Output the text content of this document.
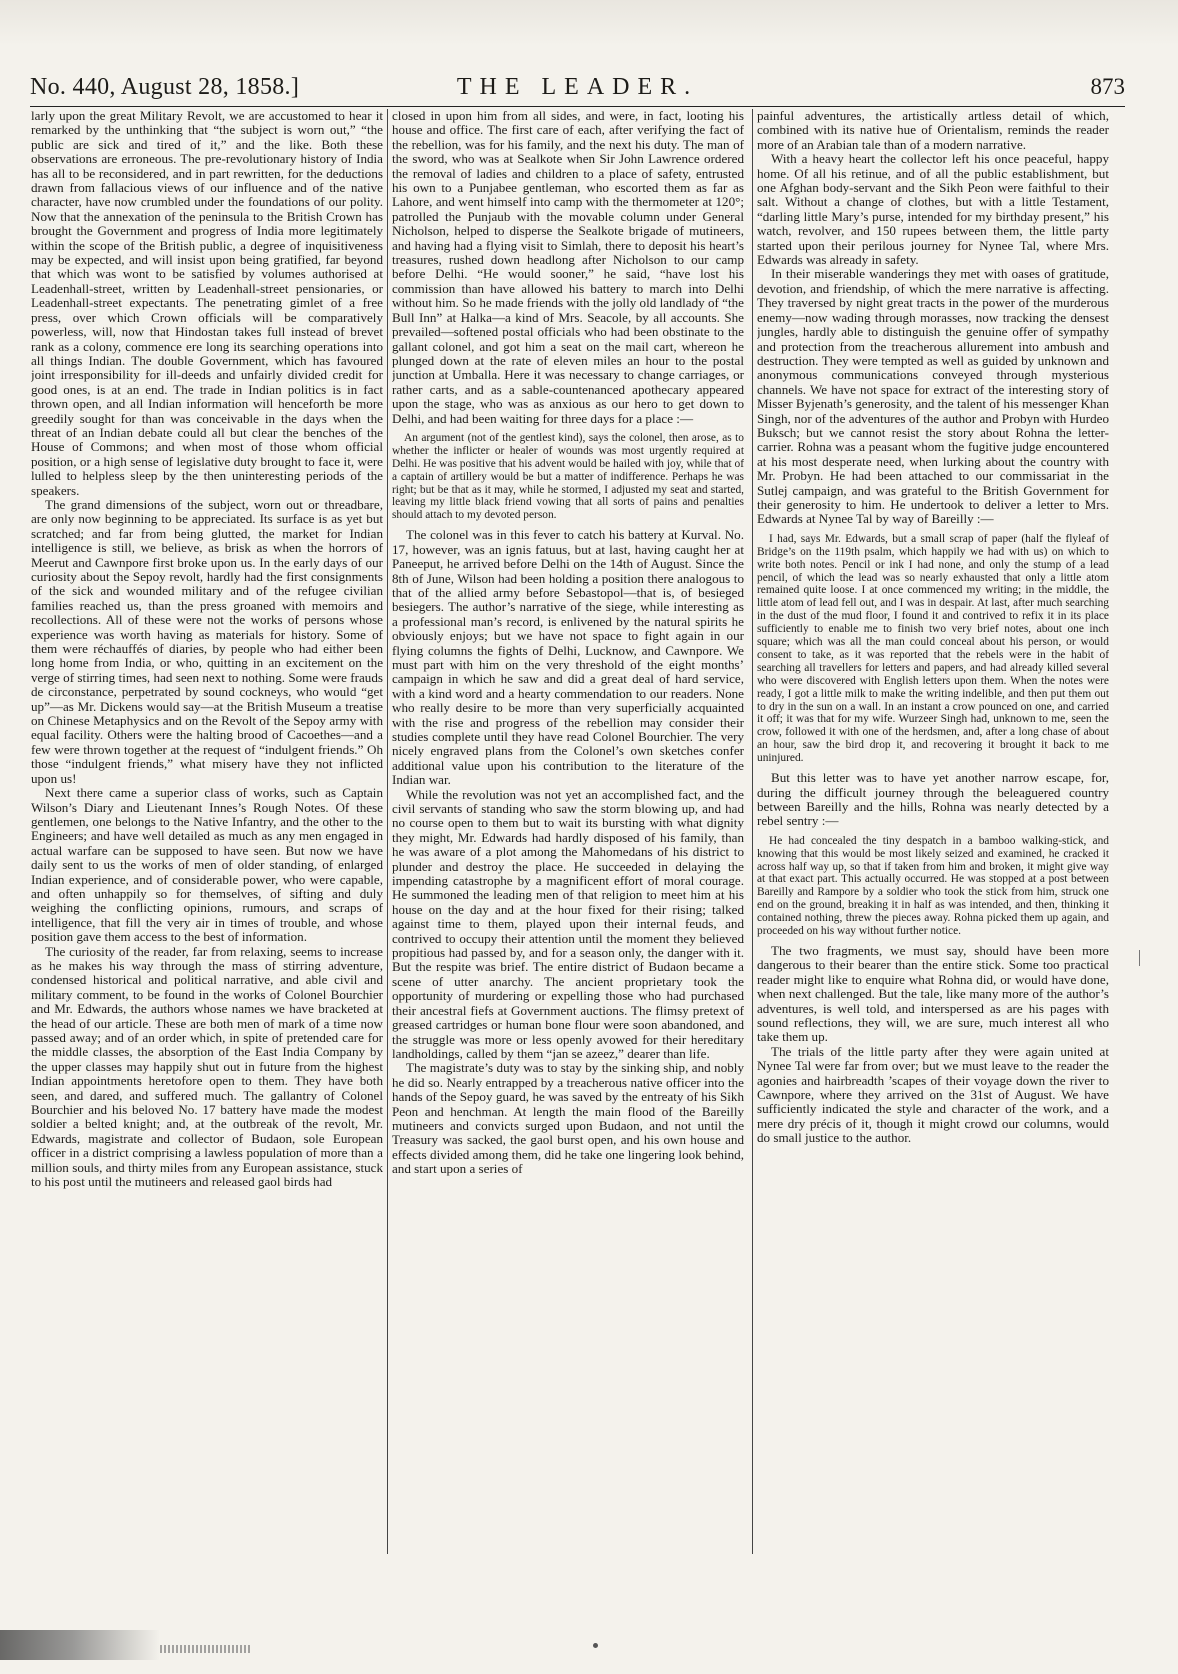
No. 440, August 28, 1858.]	THE LEADER.	873

larly upon the great Military Revolt, we are accustomed to hear it remarked by the unthinking that “the subject is worn out,” “the public are sick and tired of it,” and the like. Both these observations are erroneous. The pre-revolutionary history of India has all to be reconsidered, and in part rewritten, for the deductions drawn from fallacious views of our influence and of the native character, have now crumbled under the foundations of our polity. Now that the annexation of the peninsula to the British Crown has brought the Government and progress of India more legitimately within the scope of the British public, a degree of inquisitiveness may be expected, and will insist upon being gratified, far beyond that which was wont to be satisfied by volumes authorised at Leadenhall-street, written by Leadenhall-street pensionaries, or Leadenhall-street expectants. The penetrating gimlet of a free press, over which Crown officials will be comparatively powerless, will, now that Hindostan takes full instead of brevet rank as a colony, commence ere long its searching operations into all things Indian. The double Government, which has favoured joint irresponsibility for ill-deeds and unfairly divided credit for good ones, is at an end. The trade in Indian politics is in fact thrown open, and all Indian information will henceforth be more greedily sought for than was conceivable in the days when the threat of an Indian debate could all but clear the benches of the House of Commons; and when most of those whom official position, or a high sense of legislative duty brought to face it, were lulled to helpless sleep by the then uninteresting periods of the speakers.

The grand dimensions of the subject, worn out or threadbare, are only now beginning to be appreciated. Its surface is as yet but scratched; and far from being glutted, the market for Indian intelligence is still, we believe, as brisk as when the horrors of Meerut and Cawnpore first broke upon us. In the early days of our curiosity about the Sepoy revolt, hardly had the first consignments of the sick and wounded military and of the refugee civilian families reached us, than the press groaned with memoirs and recollections. All of these were not the works of persons whose experience was worth having as materials for history. Some of them were réchauffés of diaries, by people who had either been long home from India, or who, quitting in an excitement on the verge of stirring times, had seen next to nothing. Some were frauds de circonstance, perpetrated by sound cockneys, who would “get up”—as Mr. Dickens would say—at the British Museum a treatise on Chinese Metaphysics and on the Revolt of the Sepoy army with equal facility. Others were the halting brood of Cacoethes—and a few were thrown together at the request of “indulgent friends.” Oh those “indulgent friends,” what misery have they not inflicted upon us!

Next there came a superior class of works, such as Captain Wilson’s Diary and Lieutenant Innes’s Rough Notes. Of these gentlemen, one belongs to the Native Infantry, and the other to the Engineers; and have well detailed as much as any men engaged in actual warfare can be supposed to have seen. But now we have daily sent to us the works of men of older standing, of enlarged Indian experience, and of considerable power, who were capable, and often unhappily so for themselves, of sifting and duly weighing the conflicting opinions, rumours, and scraps of intelligence, that fill the very air in times of trouble, and whose position gave them access to the best of information.

The curiosity of the reader, far from relaxing, seems to increase as he makes his way through the mass of stirring adventure, condensed historical and political narrative, and able civil and military comment, to be found in the works of Colonel Bourchier and Mr. Edwards, the authors whose names we have bracketed at the head of our article. These are both men of mark of a time now passed away; and of an order which, in spite of pretended care for the middle classes, the absorption of the East India Company by the upper classes may happily shut out in future from the highest Indian appointments heretofore open to them. They have both seen, and dared, and suffered much. The gallantry of Colonel Bourchier and his beloved No. 17 battery have made the modest soldier a belted knight; and, at the outbreak of the revolt, Mr. Edwards, magistrate and collector of Budaon, sole European officer in a district comprising a lawless population of more than a million souls, and thirty miles from any European assistance, stuck to his post until the mutineers and released gaol birds had

closed in upon him from all sides, and were, in fact, looting his house and office. The first care of each, after verifying the fact of the rebellion, was for his family, and the next his duty. The man of the sword, who was at Sealkote when Sir John Lawrence ordered the removal of ladies and children to a place of safety, entrusted his own to a Punjabee gentleman, who escorted them as far as Lahore, and went himself into camp with the thermometer at 120°; patrolled the Punjaub with the movable column under General Nicholson, helped to disperse the Sealkote brigade of mutineers, and having had a flying visit to Simlah, there to deposit his heart’s treasures, rushed down headlong after Nicholson to our camp before Delhi. “He would sooner,” he said, “have lost his commission than have allowed his battery to march into Delhi without him. So he made friends with the jolly old landlady of “the Bull Inn” at Halka—a kind of Mrs. Seacole, by all accounts. She prevailed—softened postal officials who had been obstinate to the gallant colonel, and got him a seat on the mail cart, whereon he plunged down at the rate of eleven miles an hour to the postal junction at Umballa. Here it was necessary to change carriages, or rather carts, and as a sable-countenanced apothecary appeared upon the stage, who was as anxious as our hero to get down to Delhi, and had been waiting for three days for a place :—

An argument (not of the gentlest kind), says the colonel, then arose, as to whether the inflicter or healer of wounds was most urgently required at Delhi. He was positive that his advent would be hailed with joy, while that of a captain of artillery would be but a matter of indifference. Perhaps he was right; but be that as it may, while he stormed, I adjusted my seat and started, leaving my little black friend vowing that all sorts of pains and penalties should attach to my devoted person.

The colonel was in this fever to catch his battery at Kurval. No. 17, however, was an ignis fatuus, but at last, having caught her at Paneeput, he arrived before Delhi on the 14th of August. Since the 8th of June, Wilson had been holding a position there analogous to that of the allied army before Sebastopol—that is, of besieged besiegers. The author’s narrative of the siege, while interesting as a professional man’s record, is enlivened by the natural spirits he obviously enjoys; but we have not space to fight again in our flying columns the fights of Delhi, Lucknow, and Cawnpore. We must part with him on the very threshold of the eight months’ campaign in which he saw and did a great deal of hard service, with a kind word and a hearty commendation to our readers. None who really desire to be more than very superficially acquainted with the rise and progress of the rebellion may consider their studies complete until they have read Colonel Bourchier. The very nicely engraved plans from the Colonel’s own sketches confer additional value upon his contribution to the literature of the Indian war.

While the revolution was not yet an accomplished fact, and the civil servants of standing who saw the storm blowing up, and had no course open to them but to wait its bursting with what dignity they might, Mr. Edwards had hardly disposed of his family, than he was aware of a plot among the Mahomedans of his district to plunder and destroy the place. He succeeded in delaying the impending catastrophe by a magnificent effort of moral courage. He summoned the leading men of that religion to meet him at his house on the day and at the hour fixed for their rising; talked against time to them, played upon their internal feuds, and contrived to occupy their attention until the moment they believed propitious had passed by, and for a season only, the danger with it. But the respite was brief. The entire district of Budaon became a scene of utter anarchy. The ancient proprietary took the opportunity of murdering or expelling those who had purchased their ancestral fiefs at Government auctions. The flimsy pretext of greased cartridges or human bone flour were soon abandoned, and the struggle was more or less openly avowed for their hereditary landholdings, called by them “jan se azeez,” dearer than life.

The magistrate’s duty was to stay by the sinking ship, and nobly he did so. Nearly entrapped by a treacherous native officer into the hands of the Sepoy guard, he was saved by the entreaty of his Sikh Peon and henchman. At length the main flood of the Bareilly mutineers and convicts surged upon Budaon, and not until the Treasury was sacked, the gaol burst open, and his own house and effects divided among them, did he take one lingering look behind, and start upon a series of

painful adventures, the artistically artless detail of which, combined with its native hue of Orientalism, reminds the reader more of an Arabian tale than of a modern narrative.

With a heavy heart the collector left his once peaceful, happy home. Of all his retinue, and of all the public establishment, but one Afghan body-servant and the Sikh Peon were faithful to their salt. Without a change of clothes, but with a little Testament, “darling little Mary’s purse, intended for my birthday present,” his watch, revolver, and 150 rupees between them, the little party started upon their perilous journey for Nynee Tal, where Mrs. Edwards was already in safety.

In their miserable wanderings they met with oases of gratitude, devotion, and friendship, of which the mere narrative is affecting. They traversed by night great tracts in the power of the murderous enemy—now wading through morasses, now tracking the densest jungles, hardly able to distinguish the genuine offer of sympathy and protection from the treacherous allurement into ambush and destruction. They were tempted as well as guided by unknown and anonymous communications conveyed through mysterious channels. We have not space for extract of the interesting story of Misser Byjenath’s generosity, and the talent of his messenger Khan Singh, nor of the adventures of the author and Probyn with Hurdeo Buksch; but we cannot resist the story about Rohna the letter-carrier. Rohna was a peasant whom the fugitive judge encountered at his most desperate need, when lurking about the country with Mr. Probyn. He had been attached to our commissariat in the Sutlej campaign, and was grateful to the British Government for their generosity to him. He undertook to deliver a letter to Mrs. Edwards at Nynee Tal by way of Bareilly :—

I had, says Mr. Edwards, but a small scrap of paper (half the flyleaf of Bridge’s on the 119th psalm, which happily we had with us) on which to write both notes. Pencil or ink I had none, and only the stump of a lead pencil, of which the lead was so nearly exhausted that only a little atom remained quite loose. I at once commenced my writing; in the middle, the little atom of lead fell out, and I was in despair. At last, after much searching in the dust of the mud floor, I found it and contrived to refix it in its place sufficiently to enable me to finish two very brief notes, about one inch square; which was all the man could conceal about his person, or would consent to take, as it was reported that the rebels were in the habit of searching all travellers for letters and papers, and had already killed several who were discovered with English letters upon them. When the notes were ready, I got a little milk to make the writing indelible, and then put them out to dry in the sun on a wall. In an instant a crow pounced on one, and carried it off; it was that for my wife. Wurzeer Singh had, unknown to me, seen the crow, followed it with one of the herdsmen, and, after a long chase of about an hour, saw the bird drop it, and recovering it brought it back to me uninjured.

But this letter was to have yet another narrow escape, for, during the difficult journey through the beleaguered country between Bareilly and the hills, Rohna was nearly detected by a rebel sentry :—

He had concealed the tiny despatch in a bamboo walking-stick, and knowing that this would be most likely seized and examined, he cracked it across half way up, so that if taken from him and broken, it might give way at that exact part. This actually occurred. He was stopped at a post between Bareilly and Rampore by a soldier who took the stick from him, struck one end on the ground, breaking it in half as was intended, and then, thinking it contained nothing, threw the pieces away. Rohna picked them up again, and proceeded on his way without further notice.

The two fragments, we must say, should have been more dangerous to their bearer than the entire stick. Some too practical reader might like to enquire what Rohna did, or would have done, when next challenged. But the tale, like many more of the author’s adventures, is well told, and interspersed as are his pages with sound reflections, they will, we are sure, much interest all who take them up.

The trials of the little party after they were again united at Nynee Tal were far from over; but we must leave to the reader the agonies and hairbreadth ’scapes of their voyage down the river to Cawnpore, where they arrived on the 31st of August. We have sufficiently indicated the style and character of the work, and a mere dry précis of it, though it might crowd our columns, would do small justice to the author.
